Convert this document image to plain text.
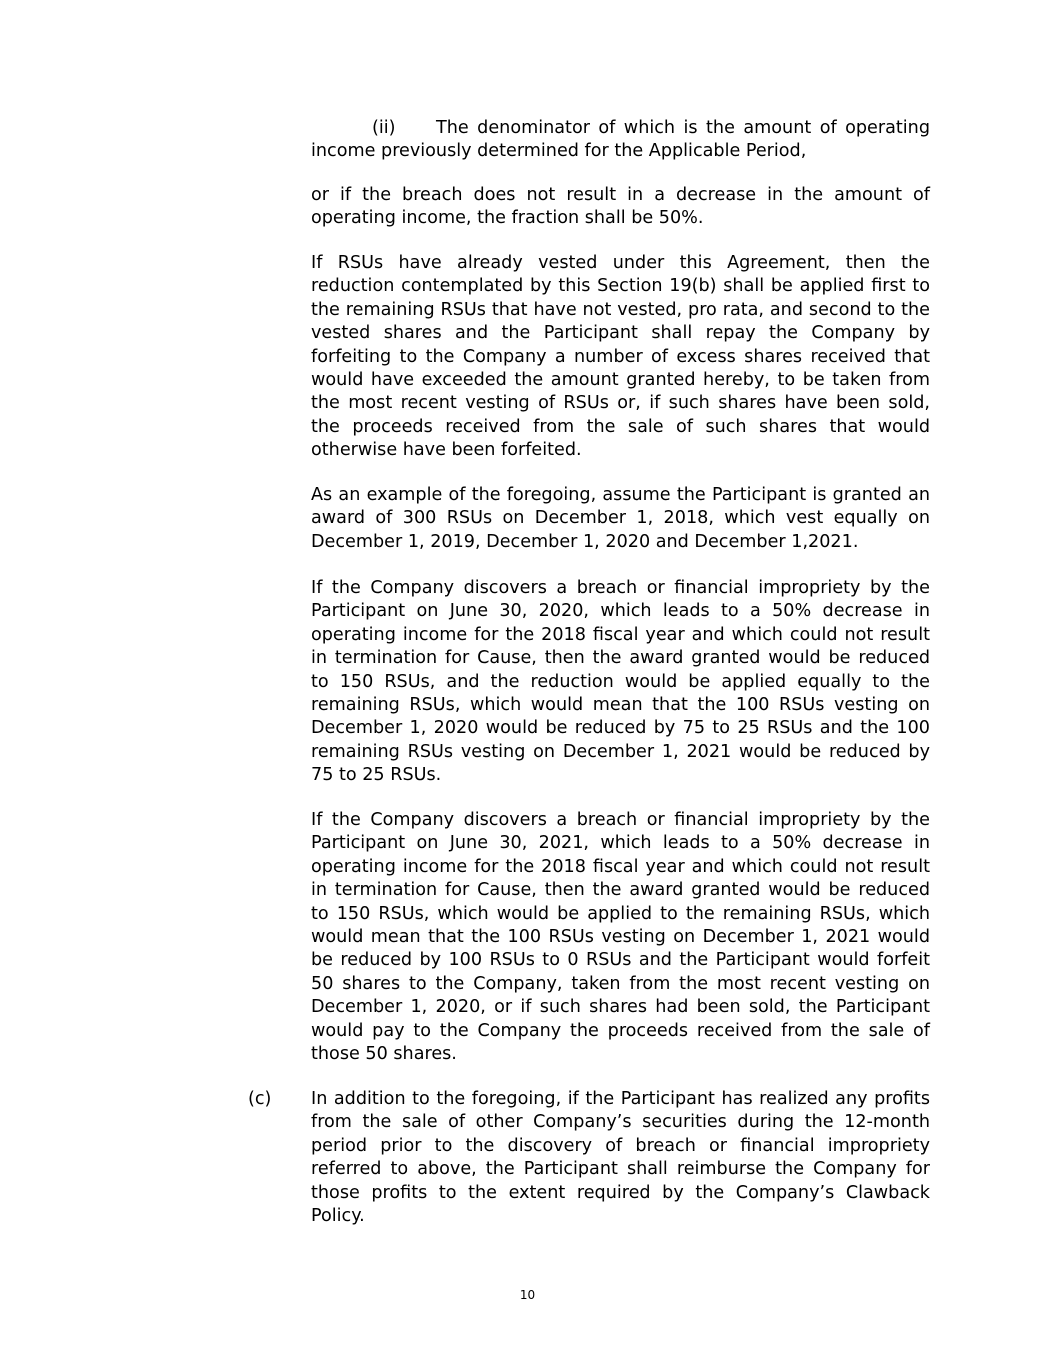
(ii) The denominator of which is the amount of operating income previously determined for the Applicable Period,

or if the breach does not result in a decrease in the amount of operating income, the fraction shall be 50%.

If RSUs have already vested under this Agreement, then the reduction contemplated by this Section 19(b) shall be applied first to the remaining RSUs that have not vested, pro rata, and second to the vested shares and the Participant shall repay the Company by forfeiting to the Company a number of excess shares received that would have exceeded the amount granted hereby, to be taken from the most recent vesting of RSUs or, if such shares have been sold, the proceeds received from the sale of such shares that would otherwise have been forfeited.

As an example of the foregoing, assume the Participant is granted an award of 300 RSUs on December 1, 2018, which vest equally on December 1, 2019, December 1, 2020 and December 1,2021.

If the Company discovers a breach or financial impropriety by the Participant on June 30, 2020, which leads to a 50% decrease in operating income for the 2018 fiscal year and which could not result in termination for Cause, then the award granted would be reduced to 150 RSUs, and the reduction would be applied equally to the remaining RSUs, which would mean that the 100 RSUs vesting on December 1, 2020 would be reduced by 75 to 25 RSUs and the 100 remaining RSUs vesting on December 1, 2021 would be reduced by 75 to 25 RSUs.

If the Company discovers a breach or financial impropriety by the Participant on June 30, 2021, which leads to a 50% decrease in operating income for the 2018 fiscal year and which could not result in termination for Cause, then the award granted would be reduced to 150 RSUs, which would be applied to the remaining RSUs, which would mean that the 100 RSUs vesting on December 1, 2021 would be reduced by 100 RSUs to 0 RSUs and the Participant would forfeit 50 shares to the Company, taken from the most recent vesting on December 1, 2020, or if such shares had been sold, the Participant would pay to the Company the proceeds received from the sale of those 50 shares.

(c) In addition to the foregoing, if the Participant has realized any profits from the sale of other Company’s securities during the 12-month period prior to the discovery of breach or financial impropriety referred to above, the Participant shall reimburse the Company for those profits to the extent required by the Company’s Clawback Policy.

10
